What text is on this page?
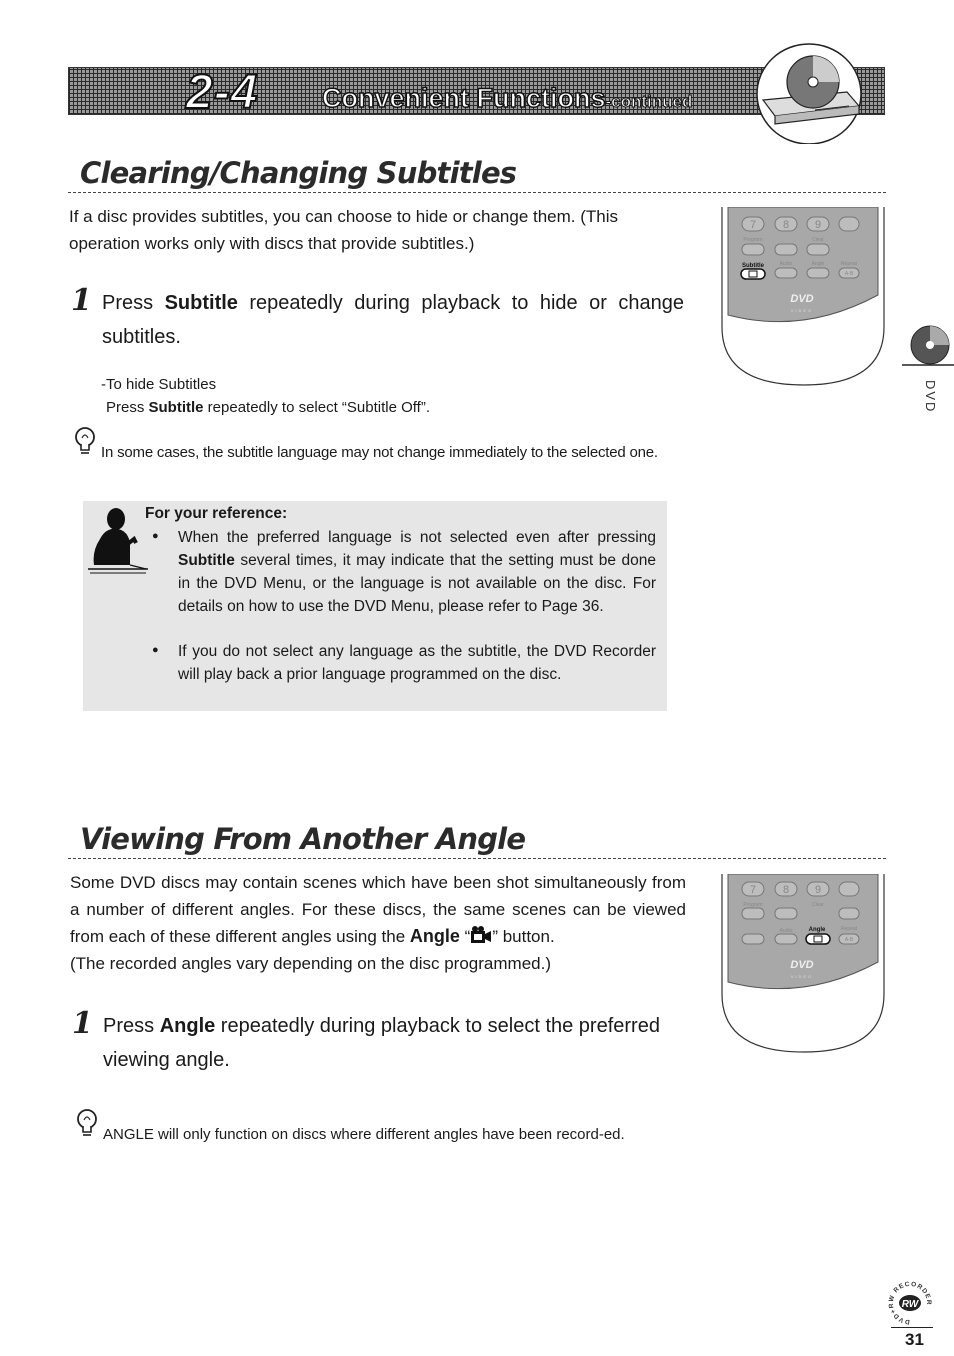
2-4 Convenient Functions-continued
Clearing/Changing Subtitles
If a disc provides subtitles, you can choose to hide or change them. (This operation works only with discs that provide subtitles.)
1 Press Subtitle repeatedly during playback to hide or change subtitles.
-To hide Subtitles
Press Subtitle repeatedly to select “Subtitle Off”.
In some cases, the subtitle language may not change immediately to the selected one.
For your reference:
● When the preferred language is not selected even after pressing Subtitle several times, it may indicate that the setting must be done in the DVD Menu, or the language is not available on the disc. For details on how to use the DVD Menu, please refer to Page 36.
● If you do not select any language as the subtitle, the DVD Recorder will play back a prior language programmed on the disc.
7 8 9
Program	Clear
Audio	Angle	Repeat
A-B
Subtitle
DVD
VIDEO
DVD
Viewing From Another Angle
Some DVD discs may contain scenes which have been shot simultaneously from a number of different angles. For these discs, the same scenes can be viewed from each of these different angles using the Angle “ ” button.
(The recorded angles vary depending on the disc programmed.)
1 Press Angle repeatedly during playback to select the preferred viewing angle.
ANGLE will only function on discs where different angles have been record-ed.
7 8 9
Program	Clear
Audio	Repeat
A-B
Angle
DVD
VIDEO
DVD+RW RECORDER
RW
31
